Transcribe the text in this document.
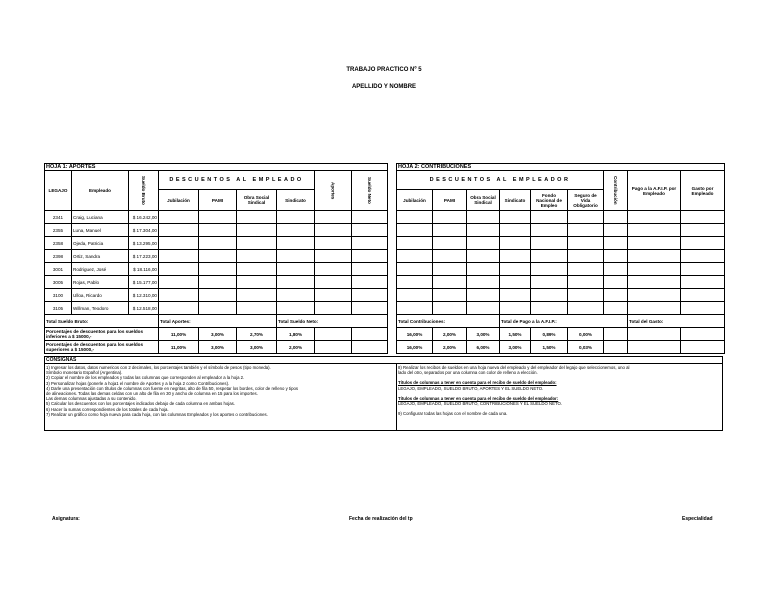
TRABAJO PRACTICO Nº 5
APELLIDO Y NOMBRE
HOJA 1: APORTES
LEGAJO	Empleado	Sueldo Bruto	DESCUENTOS AL EMPLEADO				Aportes	Sueldo Neto

			Jubilación	PAMI	Obra Social Sindical	Sindicato		
2341	Craig, Luciana	$ 16.242,00						
2355	Luna, Manuel	$ 17.304,00						
2358	Ojeda, Patricia	$ 13.295,00						
2398	Ortiz, Sandra	$ 17.223,00						
3001	Rodriguez, José	$ 18.116,00						
3005	Rojas, Pablo	$ 15.177,00						
3100	Ulloa, Ricardo	$ 12.310,00						
3105	Willman, Teodoro	$ 12.518,00						
Total Sueldo Bruto:			Total Aportes:			Total Sueldo Neto:		
Porcentajes de descuentos para los sueldos inferiores a $ 15000,-			11,00%	3,00%	2,70%	1,80%		
Porcentajes de descuentos para los sueldos superiores a $ 15000,-			11,00%	3,00%	3,00%	2,00%		
HOJA 2: CONTRIBUCIONES
DESCUENTOS AL EMPLEADOR						Contribución	Pago a la A.F.I.P. por Empleado	Gasto por Empleado
Jubilación	PAMI	Obra Social Sindical	Sindicato	Fondo Nacional de Empleo	Seguro de Vida Obligatorio			

Total Contribuciones:			Total de Pago a la A.F.I.P.:				Total del Gasto:	
16,00%	2,00%	3,00%	1,50%	0,89%	0,00%			
16,00%	2,00%	6,00%	3,00%	1,50%	0,03%			
CONSIGNAS
1) Ingresar los datos, datos numericos con 2 decimales, los porcentajes también y el símbolo de pesos (tipo moneda).
Símbolo monetario Español (Argentina).
2) Copiar el nombre de los empleados y todas las columnas que corresponden al empleador a la hoja 2.
3) Personalizar hojas (ponerle a hoja1 el nombre de Aportes y a la hoja 2 como Contribuciones).
4) Darle una presentación con títulos de columnas con fuente en negritas, alto de fila 50, respetar los bordes, color de relleno y tipos
de alineaciones. Todas las demas celdas con un alto de fila en 30 y ancho de columna en 15 para los importes.
Las demas columnas ajustadas a su contenido.
5) Calcular los descuentos con los porcentajes indicados debajo de cada columna en ambas hojas.
6) Hacer la sumas correspondientes de los totales de cada hoja.
7) Realizar un gráfico como hoja nueva para cada hoja, con las columnas Empleados y los aportes o contribuciones.
8) Realizar los recibos de sueldos en una hoja nueva del empleado y del empleador del legajo que seleccionemos, uno al
lado del otro, separados por una columna con color de relleno a elección.
Títulos de columnas a tener en cuenta para el recibo de sueldo del empleado:
LEGAJO, EMPLEADO, SUELDO BRUTO, APORTES Y EL SUELDO NETO.
Títulos de columnas a tener en cuenta para el recibo de sueldo del empleador:
LEGAJO, EMPLEADO, SUELDO BRUTO, CONTRIBUCIONES Y EL SUELDO NETO.
9) Configurar todas las hojas con el nombre de cada una.
Asignatura:	Fecha de realización del tp	Especialidad
